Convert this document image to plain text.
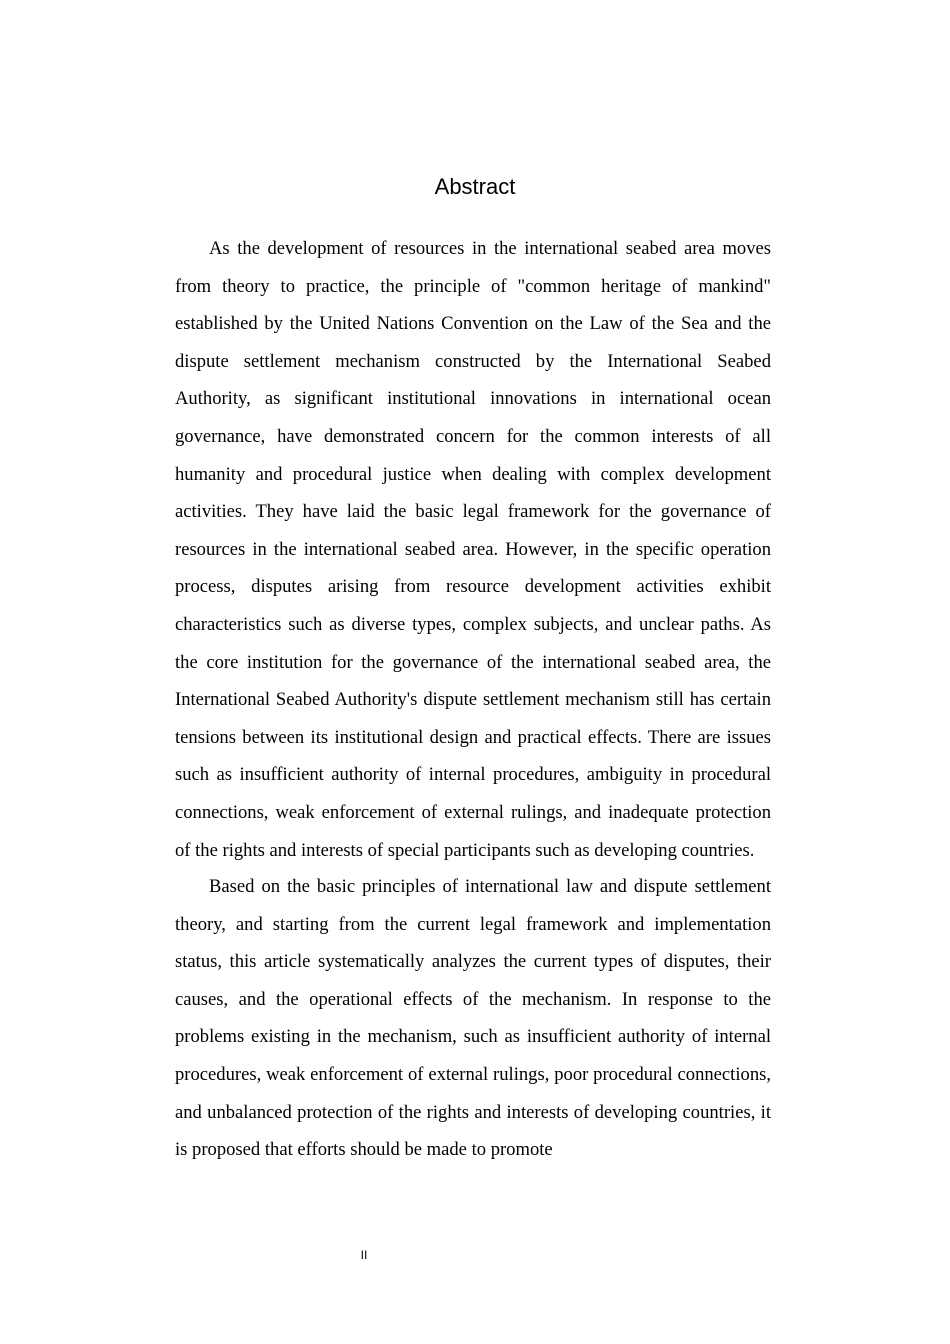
Abstract

As the development of resources in the international seabed area moves from theory to practice, the principle of "common heritage of mankind" established by the United Nations Convention on the Law of the Sea and the dispute settlement mechanism constructed by the International Seabed Authority, as significant institutional innovations in international ocean governance, have demonstrated concern for the common interests of all humanity and procedural justice when dealing with complex development activities. They have laid the basic legal framework for the governance of resources in the international seabed area. However, in the specific operation process, disputes arising from resource development activities exhibit characteristics such as diverse types, complex subjects, and unclear paths. As the core institution for the governance of the international seabed area, the International Seabed Authority's dispute settlement mechanism still has certain tensions between its institutional design and practical effects. There are issues such as insufficient authority of internal procedures, ambiguity in procedural connections, weak enforcement of external rulings, and inadequate protection of the rights and interests of special participants such as developing countries.

Based on the basic principles of international law and dispute settlement theory, and starting from the current legal framework and implementation status, this article systematically analyzes the current types of disputes, their causes, and the operational effects of the mechanism. In response to the problems existing in the mechanism, such as insufficient authority of internal procedures, weak enforcement of external rulings, poor procedural connections, and unbalanced protection of the rights and interests of developing countries, it is proposed that efforts should be made to promote

II
